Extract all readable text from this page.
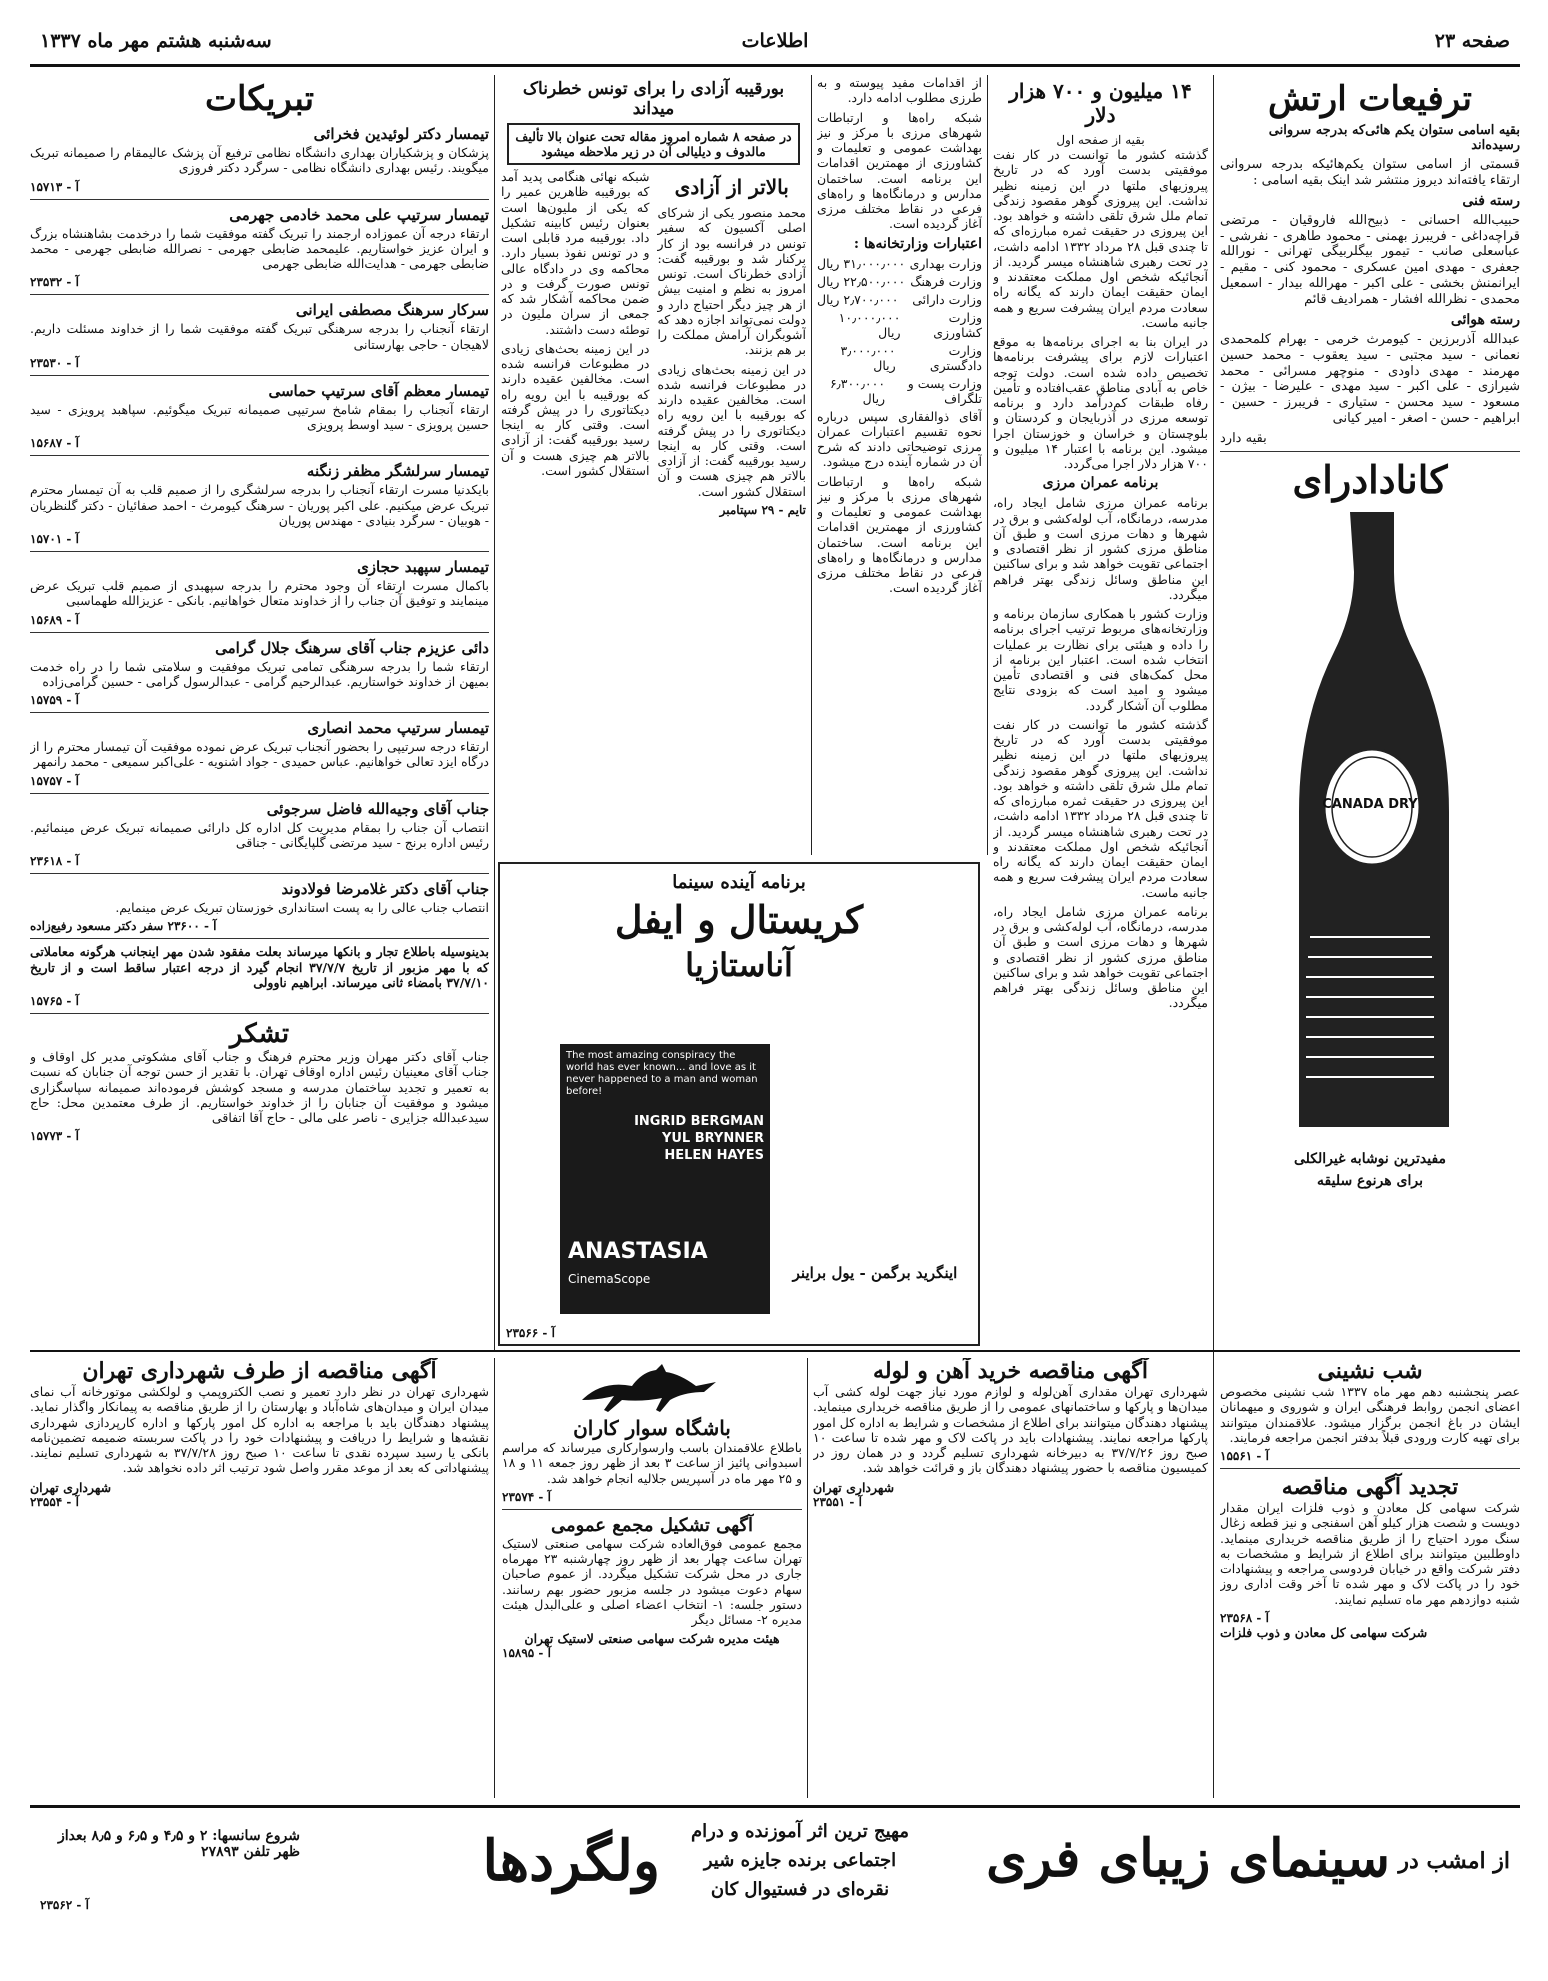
صفحه ۲۳
اطلاعات
سه‌شنبه هشتم مهر ماه ۱۳۳۷
ترفیعات ارتش
بقیه اسامی ستوان یکم هائی‌که بدرجه سروانی رسیده‌اند

قسمتی از اسامی ستوان یکم‌هائیکه بدرجه سروانی ارتقاء یافته‌اند دیروز منتشر شد اینک بقیه اسامی :

رسته فنی

حبیب‌الله احسانی - ذبیح‌الله فاروقیان - مرتضی قراچه‌داغی - فریبرز بهمنی - محمود طاهری - نفرشی - عباسعلی صانب - تیمور بیگلربیگی تهرانی - نورالله جعفری - مهدی امین عسکری - محمود کنی - مقیم - ایرانمنش بخشی - علی اکبر - مهرالله بیدار - اسمعیل محمدی - نظرالله افشار - همرادیف قائم

رسته هوائی

عبدالله آذربرزین - کیومرث خرمی - بهرام کلمحمدی نعمانی - سید مجتبی - سید یعقوب - محمد حسین مهرمند - مهدی داودی - منوچهر مسرائی - محمد شیرازی - علی اکبر - سید مهدی - علیرضا - بیژن - مسعود - سید محسن - ستیاری - فریبرز - حسین - ابراهیم - حسن - اصغر - امیر کیانی

بقیه دارد
کانادادرای
CANADA DRY
مفیدترین نوشابه غیرالکلی
برای هرنوع سلیقه
۱۴ میلیون و ۷۰۰ هزار دلار
بقیه از صفحه اول

گذشته کشور ما توانست در کار نفت موفقیتی بدست آورد که در تاریخ پیروزیهای ملتها در این زمینه نظیر نداشت. این پیروزی گوهر مقصود زندگی تمام ملل شرق تلقی داشته و خواهد بود. این پیروزی در حقیقت ثمره مبارزه‌ای که تا چندی قبل ۲۸ مرداد ۱۳۳۲ ادامه داشت، در تحت رهبری شاهنشاه میسر گردید. از آنجائیکه شخص اول مملکت معتقدند و ایمان حقیقت ایمان دارند که یگانه راه سعادت مردم ایران پیشرفت سریع و همه جانبه ماست.

در ایران بنا به اجرای برنامه‌ها به موقع اعتبارات لازم برای پیشرفت برنامه‌ها تخصیص داده شده است. دولت توجه خاص به آبادی مناطق عقب‌افتاده و تأمین رفاه طبقات کم‌درآمد دارد و برنامه توسعه مرزی در آذربایجان و کردستان و بلوچستان و خراسان و خوزستان اجرا میشود. این برنامه با اعتبار ۱۴ میلیون و ۷۰۰ هزار دلار اجرا می‌گردد.

برنامه عمران مرزی

برنامه عمران مرزی شامل ایجاد راه، مدرسه، درمانگاه، آب لوله‌کشی و برق در شهرها و دهات مرزی است و طبق آن مناطق مرزی کشور از نظر اقتصادی و اجتماعی تقویت خواهد شد و برای ساکنین این مناطق وسائل زندگی بهتر فراهم میگردد.

وزارت کشور با همکاری سازمان برنامه و وزارتخانه‌های مربوط ترتیب اجرای برنامه را داده و هیئتی برای نظارت بر عملیات انتخاب شده است. اعتبار این برنامه از محل کمک‌های فنی و اقتصادی تأمین میشود و امید است که بزودی نتایج مطلوب آن آشکار گردد.

گذشته کشور ما توانست در کار نفت موفقیتی بدست آورد که در تاریخ پیروزیهای ملتها در این زمینه نظیر نداشت. این پیروزی گوهر مقصود زندگی تمام ملل شرق تلقی داشته و خواهد بود. این پیروزی در حقیقت ثمره مبارزه‌ای که تا چندی قبل ۲۸ مرداد ۱۳۳۲ ادامه داشت، در تحت رهبری شاهنشاه میسر گردید. از آنجائیکه شخص اول مملکت معتقدند و ایمان حقیقت ایمان دارند که یگانه راه سعادت مردم ایران پیشرفت سریع و همه جانبه ماست.

برنامه عمران مرزی شامل ایجاد راه، مدرسه، درمانگاه، آب لوله‌کشی و برق در شهرها و دهات مرزی است و طبق آن مناطق مرزی کشور از نظر اقتصادی و اجتماعی تقویت خواهد شد و برای ساکنین این مناطق وسائل زندگی بهتر فراهم میگردد.

از اقدامات مفید پیوسته و به طرزی مطلوب ادامه دارد.

شبکه راه‌ها و ارتباطات شهرهای مرزی با مرکز و نیز بهداشت عمومی و تعلیمات و کشاورزی از مهمترین اقدامات این برنامه است. ساختمان مدارس و درمانگاه‌ها و راه‌های فرعی در نقاط مختلف مرزی آغاز گردیده است.

اعتبارات وزارتخانه‌ها :
وزارت بهداری
۳۱٫۰۰۰٫۰۰۰ ریال
وزارت فرهنگ
۲۲٫۵۰۰٫۰۰۰ ریال
وزارت دارائی
۲٫۷۰۰٫۰۰۰ ریال
وزارت کشاورزی
۱۰٫۰۰۰٫۰۰۰ ریال
وزارت دادگستری
۳٫۰۰۰٫۰۰۰ ریال
وزارت پست و تلگراف
۶٫۳۰۰٫۰۰۰ ریال

آقای ذوالفقاری سپس درباره نحوه تقسیم اعتبارات عمران مرزی توضیحاتی دادند که شرح آن در شماره آینده درج میشود.

شبکه راه‌ها و ارتباطات شهرهای مرزی با مرکز و نیز بهداشت عمومی و تعلیمات و کشاورزی از مهمترین اقدامات این برنامه است. ساختمان مدارس و درمانگاه‌ها و راه‌های فرعی در نقاط مختلف مرزی آغاز گردیده است.

بورقیبه آزادی را برای تونس خطرناک میداند
در صفحه ۸ شماره امروز مقاله تحت عنوان بالا تألیف مالدوف و دیلیالی آن در زیر ملاحظه میشود
بالاتر از آزادی

محمد منصور یکی از شرکای اصلی آکسیون که سفیر تونس در فرانسه بود از کار برکنار شد و بورقیبه گفت: آزادی خطرناک است. تونس امروز به نظم و امنیت بیش از هر چیز دیگر احتیاج دارد و دولت نمی‌تواند اجازه دهد که آشوبگران آرامش مملکت را بر هم بزنند.

در این زمینه بحث‌های زیادی در مطبوعات فرانسه شده است. مخالفین عقیده دارند که بورقیبه با این رویه راه دیکتاتوری را در پیش گرفته است. وقتی کار به اینجا رسید بورقیبه گفت: از آزادی بالاتر هم چیزی هست و آن استقلال کشور است.

تایم - ۲۹ سپتامبر

شبکه نهائی هنگامی پدید آمد که بورقیبه ظاهرین عمیر را که یکی از ملیون‌ها است بعنوان رئیس کابینه تشکیل داد. بورقیبه مرد قابلی است و در تونس نفوذ بسیار دارد. محاکمه وی در دادگاه عالی تونس صورت گرفت و در ضمن محاکمه آشکار شد که جمعی از سران ملیون در توطئه دست داشتند.

در این زمینه بحث‌های زیادی در مطبوعات فرانسه شده است. مخالفین عقیده دارند که بورقیبه با این رویه راه دیکتاتوری را در پیش گرفته است. وقتی کار به اینجا رسید بورقیبه گفت: از آزادی بالاتر هم چیزی هست و آن استقلال کشور است.

برنامه آینده سینما
کریستال و ایفل
آناستازیا
The most amazing conspiracy the world has ever known... and love as it never happened to a man and woman before!
INGRID BERGMAN
YUL BRYNNER
HELEN HAYES
ANASTASIA
CinemaScope	اینگرید برگمن - یول براینر
آ - ۲۳۵۶۶
تبریکات
تیمسار دکتر لوئیدین فخرائی

پزشکان و پزشکیاران بهداری دانشگاه نظامی ترفیع آن پزشک عالیمقام را صمیمانه تبریک میگویند. رئیس بهداری دانشگاه نظامی - سرگرد دکتر فروزی

آ - ۱۵۷۱۳
تیمسار سرتیپ علی محمد خادمی جهرمی

ارتقاء درجه آن عموزاده ارجمند را تبریک گفته موفقیت شما را درخدمت بشاهنشاه بزرگ و ایران عزیز خواستاریم. علیمحمد ضابطی جهرمی - نصرالله ضابطی جهرمی - محمد ضابطی جهرمی - هدایت‌الله ضابطی جهرمی

آ - ۲۳۵۳۲
سرکار سرهنگ مصطفی ایرانی

ارتقاء آنجناب را بدرجه سرهنگی تبریک گفته موفقیت شما را از خداوند مسئلت داریم. لاهیجان - حاجی بهارستانی

آ - ۲۳۵۳۰
تیمسار معظم آقای سرتیپ حماسی

ارتقاء آنجناب را بمقام شامخ سرتیپی صمیمانه تبریک میگوئیم. سپاهبد پرویزی - سید حسین پرویزی - سید اوسط پرویزی

آ - ۱۵۶۸۷
تیمسار سرلشگر مظفر زنگنه

بایکدنیا مسرت ارتقاء آنجناب را بدرجه سرلشگری را از صمیم قلب به آن تیمسار محترم تبریک عرض میکنیم. علی اکبر پوریان - سرهنگ کیومرث - احمد صفائیان - دکتر گلنظریان - هوبیان - سرگرد بنیادی - مهندس پوریان

آ - ۱۵۷۰۱
تیمسار سپهبد حجازی

باکمال مسرت ارتقاء آن وجود محترم را بدرجه سپهبدی از صمیم قلب تبریک عرض مینمایند و توفیق آن جناب را از خداوند متعال خواهانیم. بانکی - عزیزالله طهماسبی

آ - ۱۵۶۸۹
دائی عزیزم جناب آقای سرهنگ جلال گرامی

ارتقاء شما را بدرجه سرهنگی تمامی تبریک موفقیت و سلامتی شما را در راه خدمت بمیهن از خداوند خواستاریم. عبدالرحیم گرامی - عبدالرسول گرامی - حسین گرامی‌زاده

آ - ۱۵۷۵۹
تیمسار سرتیپ محمد انصاری

ارتقاء درجه سرتیپی را بحضور آنجناب تبریک عرض نموده موفقیت آن تیمسار محترم را از درگاه ایزد تعالی خواهانیم. عباس حمیدی - جواد اشنویه - علی‌اکبر سمیعی - محمد رانمهر

آ - ۱۵۷۵۷
جناب آقای وجیه‌الله فاضل سرجوئی

انتصاب آن جناب را بمقام مدیریت کل اداره کل دارائی صمیمانه تبریک عرض مینمائیم. رئیس اداره برنج - سید مرتضی گلپایگانی - جناقی

آ - ۲۳۶۱۸
جناب آقای دکتر غلامرضا فولادوند

انتصاب جناب عالی را به پست استانداری خوزستان تبریک عرض مینمایم.

آ - ۲۳۶۰۰ سفر دکتر مسعود رفیع‌زاده

بدینوسیله باطلاع تجار و بانکها میرساند بعلت مفقود شدن مهر اینجانب هرگونه معاملاتی که با مهر مزبور از تاریخ ۳۷/۷/۷ انجام گیرد از درجه اعتبار ساقط است و از تاریخ ۳۷/۷/۱۰ بامضاء ثانی میرساند. ابراهیم ناوولی

آ - ۱۵۷۶۵
تشکر

جناب آقای دکتر مهران وزیر محترم فرهنگ و جناب آقای مشکوتی مدیر کل اوقاف و جناب آقای معینیان رئیس اداره اوقاف تهران. با تقدیر از حسن توجه آن جنابان که نسبت به تعمیر و تجدید ساختمان مدرسه و مسجد کوشش فرموده‌اند صمیمانه سپاسگزاری میشود و موفقیت آن جنابان را از خداوند خواستاریم. از طرف معتمدین محل: حاج سیدعبدالله جزایری - ناصر علی مالی - حاج آقا اتفاقی

آ - ۱۵۷۷۳
شب نشینی

عصر پنجشنبه دهم مهر ماه ۱۳۳۷ شب نشینی مخصوص اعضای انجمن روابط فرهنگی ایران و شوروی و میهمانان ایشان در باغ انجمن برگزار میشود. علاقمندان میتوانند برای تهیه کارت ورودی قبلاً بدفتر انجمن مراجعه فرمایند.

آ - ۱۵۵۶۱
تجدید آگهی مناقصه

شرکت سهامی کل معادن و ذوب فلزات ایران مقدار دویست و شصت هزار کیلو آهن اسفنجی و نیز قطعه زغال سنگ مورد احتیاج را از طریق مناقصه خریداری مینماید. داوطلبین میتوانند برای اطلاع از شرایط و مشخصات به دفتر شرکت واقع در خیابان فردوسی مراجعه و پیشنهادات خود را در پاکت لاک و مهر شده تا آخر وقت اداری روز شنبه دوازدهم مهر ماه تسلیم نمایند.

آ - ۲۳۵۶۸
شرکت سهامی کل معادن و ذوب فلزات
آگهی مناقصه خرید آهن و لوله

شهرداری تهران مقداری آهن‌لوله و لوازم مورد نیاز جهت لوله کشی آب میدان‌ها و پارکها و ساختمانهای عمومی را از طریق مناقصه خریداری مینماید. پیشنهاد دهندگان میتوانند برای اطلاع از مشخصات و شرایط به اداره کل امور پارکها مراجعه نمایند. پیشنهادات باید در پاکت لاک و مهر شده تا ساعت ۱۰ صبح روز ۳۷/۷/۲۶ به دبیرخانه شهرداری تسلیم گردد و در همان روز در کمیسیون مناقصه با حضور پیشنهاد دهندگان باز و قرائت خواهد شد.

شهرداری تهران
آ - ۲۳۵۵۱
باشگاه سوار کاران

باطلاع علاقمندان باسب وارسوارکاری میرساند که مراسم اسبدوانی پائیز از ساعت ۳ بعد از ظهر روز جمعه ۱۱ و ۱۸ و ۲۵ مهر ماه در آسپریس جلالیه انجام خواهد شد.

آ - ۲۳۵۷۴
آگهی تشکیل مجمع عمومی

مجمع عمومی فوق‌العاده شرکت سهامی صنعتی لاستیک تهران ساعت چهار بعد از ظهر روز چهارشنبه ۲۳ مهرماه جاری در محل شرکت تشکیل میگردد. از عموم صاحبان سهام دعوت میشود در جلسه مزبور حضور بهم رسانند. دستور جلسه: ۱- انتخاب اعضاء اصلی و علی‌البدل هیئت مدیره ۲- مسائل دیگر

هیئت مدیره شرکت سهامی صنعتی لاستیک تهران
آ - ۱۵۸۹۵
آگهی مناقصه از طرف شهرداری تهران

شهرداری تهران در نظر دارد تعمیر و نصب الکتروپمپ و لولکشی موتورخانه آب نمای میدان ایران و میدان‌های شاه‌آباد و بهارستان را از طریق مناقصه به پیمانکار واگذار نماید. پیشنهاد دهندگان باید با مراجعه به اداره کل امور پارکها و اداره کارپردازی شهرداری نقشه‌ها و شرایط را دریافت و پیشنهادات خود را در پاکت سربسته ضمیمه تضمین‌نامه بانکی یا رسید سپرده نقدی تا ساعت ۱۰ صبح روز ۳۷/۷/۲۸ به شهرداری تسلیم نمایند. پیشنهاداتی که بعد از موعد مقرر واصل شود ترتیب اثر داده نخواهد شد.

شهرداری تهران
آ - ۲۳۵۵۴
از امشب در
سینمای زیبای فری
مهیج ترین اثر آموزنده و درام
اجتماعی برنده جایزه شیر
نقره‌ای در فستیوال کان
ولگردها
شروع سانسها: ۲ و ۴٫۵ و ۶٫۵ و ۸٫۵ بعداز ظهر تلفن ۲۷۸۹۳
آ - ۲۳۵۶۲
